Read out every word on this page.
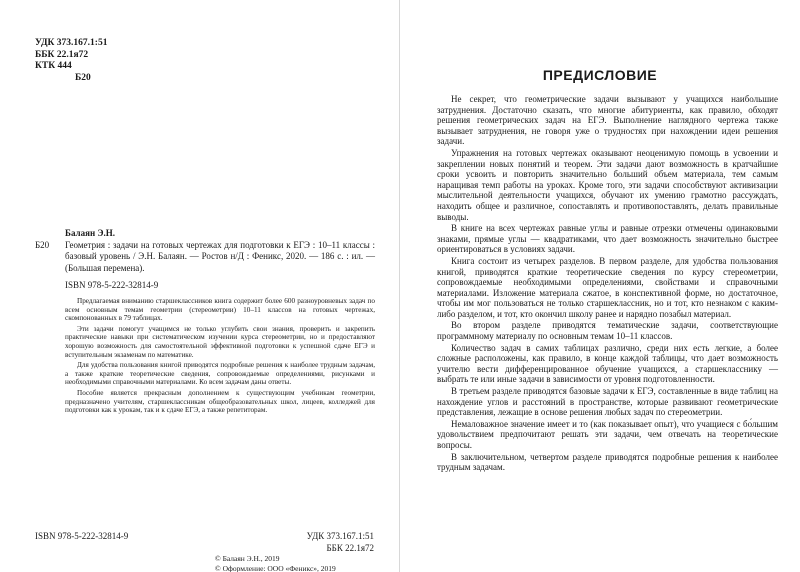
УДК 373.167.1:51
ББК 22.1я72
КТК 444
Б20
Балаян Э.Н.
Б20	Геометрия : задачи на готовых чертежах для подготовки к ЕГЭ : 10–11 классы : базовый уровень / Э.Н. Балаян. — Ростов н/Д : Феникс, 2020. — 186 с. : ил. — (Большая перемена).
ISBN 978-5-222-32814-9

Предлагаемая вниманию старшеклассников книга содержит более 600 разноуровневых задач по всем основным темам геометрии (стереометрии) 10–11 классов на готовых чертежах, скомпонованных в 79 таблицах.

Эти задачи помогут учащимся не только углубить свои знания, проверить и закрепить практические навыки при систематическом изучении курса стереометрии, но и предоставляют хорошую возможность для самостоятельной эффективной подготовки к успешной сдаче ЕГЭ и вступительным экзаменам по математике.

Для удобства пользования книгой приводятся подробные решения к наиболее трудным задачам, а также краткие теоретические сведения, сопровождаемые определениями, рисунками и необходимыми справочными материалами. Ко всем задачам даны ответы.

Пособие является прекрасным дополнением к существующим учебникам геометрии, предназначено учителям, старшеклассникам общеобразовательных школ, лицеев, колледжей для подготовки как к урокам, так и к сдаче ЕГЭ, а также репетиторам.

ISBN 978-5-222-32814-9	УДК 373.167.1:51
ББК 22.1я72
© Балаян Э.Н., 2019
© Оформление: ООО «Феникс», 2019
ПРЕДИСЛОВИЕ

Не секрет, что геометрические задачи вызывают у учащихся наибольшие затруднения. Достаточно сказать, что многие абитуриенты, как правило, обходят решения геометрических задач на ЕГЭ. Выполнение наглядного чертежа также вызывает затруднения, не говоря уже о трудностях при нахождении идеи решения задачи.

Упражнения на готовых чертежах оказывают неоценимую помощь в усвоении и закреплении новых понятий и теорем. Эти задачи дают возможность в кратчайшие сроки усвоить и повторить значительно больший объем материала, тем самым наращивая темп работы на уроках. Кроме того, эти задачи способствуют активизации мыслительной деятельности учащихся, обучают их умению грамотно рассуждать, находить общее и различное, сопоставлять и противопоставлять, делать правильные выводы.

В книге на всех чертежах равные углы и равные отрезки отмечены одинаковыми знаками, прямые углы — квадратиками, что дает возможность значительно быстрее ориентироваться в условиях задачи.

Книга состоит из четырех разделов. В первом разделе, для удобства пользования книгой, приводятся краткие теоретические сведения по курсу стереометрии, сопровождаемые необходимыми определениями, свойствами и справочными материалами. Изложение материала сжатое, в конспективной форме, но достаточное, чтобы им мог пользоваться не только старшеклассник, но и тот, кто незнаком с каким-либо разделом, и тот, кто окончил школу ранее и нарядно позабыл материал.

Во втором разделе приводятся тематические задачи, соответствующие программному материалу по основным темам 10–11 классов.

Количество задач в самих таблицах различно, среди них есть легкие, а более сложные расположены, как правило, в конце каждой таблицы, что дает возможность учителю вести дифференцированное обучение учащихся, а старшекласснику — выбрать те или иные задачи в зависимости от уровня подготовленности.

В третьем разделе приводятся базовые задачи к ЕГЭ, составленные в виде таблиц на нахождение углов и расстояний в пространстве, которые развивают геометрические представления, лежащие в основе решения любых задач по стереометрии.

Немаловажное значение имеет и то (как показывает опыт), что учащиеся с бо́льшим удовольствием предпочитают решать эти задачи, чем отвечать на теоретические вопросы.

В заключительном, четвертом разделе приводятся подробные решения к наиболее трудным задачам.
